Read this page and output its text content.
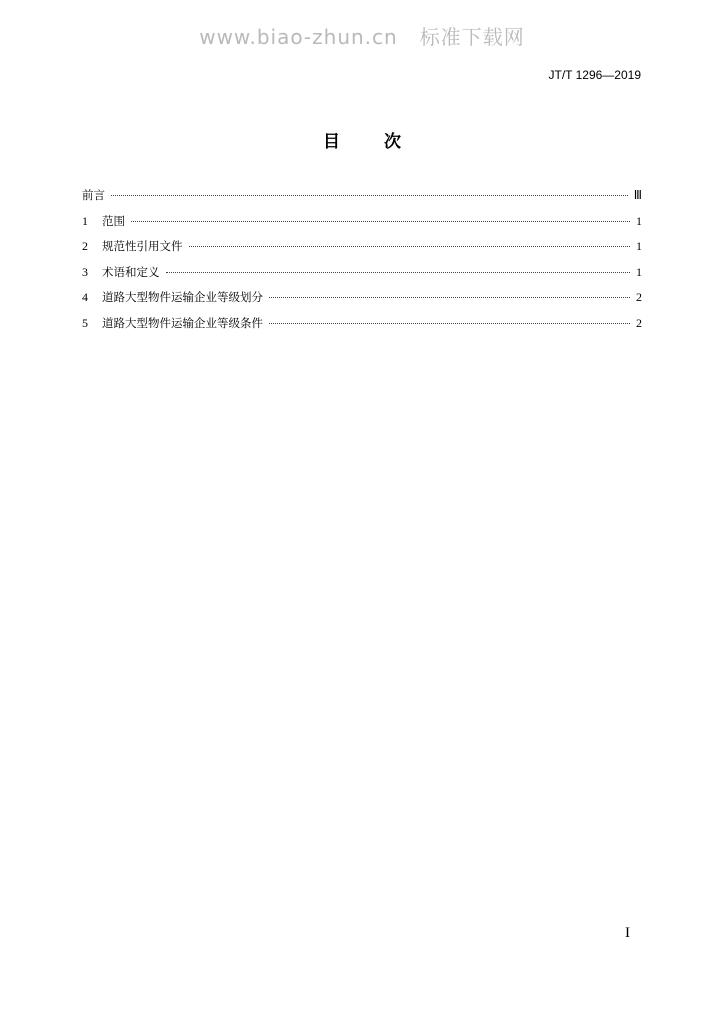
www.biao-zhun.cn   标准下载网
JT/T 1296—2019
目 次
前言	Ⅲ
1	范围	1
2	规范性引用文件	1
3	术语和定义	1
4	道路大型物件运输企业等级划分	2
5	道路大型物件运输企业等级条件	2
I
